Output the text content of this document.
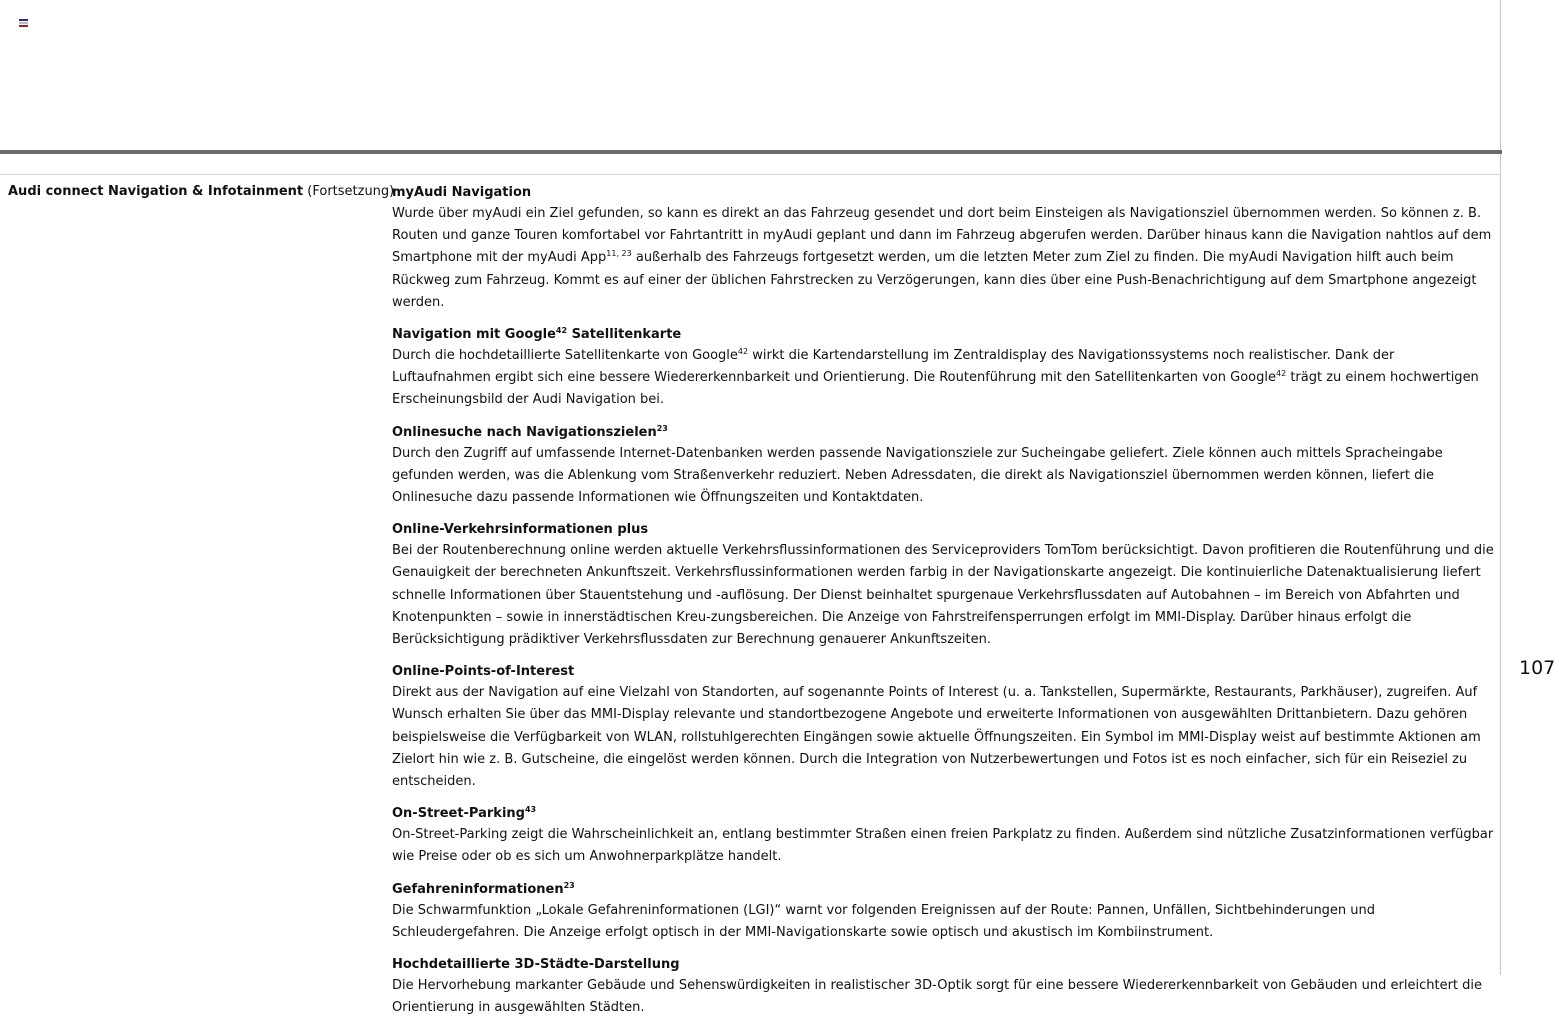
Audi connect Navigation & Infotainment (Fortsetzung)
myAudi Navigation
Wurde über myAudi ein Ziel gefunden, so kann es direkt an das Fahrzeug gesendet und dort beim Einsteigen als Navigationsziel übernommen werden. So können z. B. Routen und ganze Touren komfortabel vor Fahrtantritt in myAudi geplant und dann im Fahrzeug abgerufen werden. Darüber hinaus kann die Navigation nahtlos auf dem Smartphone mit der myAudi App$^{11, 23}$ außerhalb des Fahrzeugs fortgesetzt werden, um die letzten Meter zum Ziel zu finden. Die myAudi Navigation hilft auch beim Rückweg zum Fahrzeug. Kommt es auf einer der üblichen Fahrstrecken zu Verzögerungen, kann dies über eine Push-Benachrichtigung auf dem Smartphone angezeigt werden.
Navigation mit Google$^{42}$ Satellitenkarte
Durch die hochdetaillierte Satellitenkarte von Google$^{42}$ wirkt die Kartendarstellung im Zentraldisplay des Navigationssystems noch realistischer. Dank der Luftaufnahmen ergibt sich eine bessere Wiedererkennbarkeit und Orientierung. Die Routenführung mit den Satellitenkarten von Google$^{42}$ trägt zu einem hochwertigen Erscheinungsbild der Audi Navigation bei.
Onlinesuche nach Navigationszielen$^{23}$
Durch den Zugriff auf umfassende Internet-Datenbanken werden passende Navigationsziele zur Sucheingabe geliefert. Ziele können auch mittels Spracheingabe gefunden werden, was die Ablenkung vom Straßenverkehr reduziert. Neben Adressdaten, die direkt als Navigationsziel übernommen werden können, liefert die Onlinesuche dazu passende Informationen wie Öffnungszeiten und Kontaktdaten.
Online-Verkehrsinformationen plus
Bei der Routenberechnung online werden aktuelle Verkehrsflussinformationen des Serviceproviders TomTom berücksichtigt. Davon profitieren die Routenführung und die Genauigkeit der berechneten Ankunftszeit. Verkehrsflussinformationen werden farbig in der Navigationskarte angezeigt. Die kontinuierliche Datenaktualisierung liefert schnelle Informationen über Stauentstehung und -auflösung. Der Dienst beinhaltet spurgenaue Verkehrsflussdaten auf Autobahnen – im Bereich von Abfahrten und Knotenpunkten – sowie in innerstädtischen Kreu-zungsbereichen. Die Anzeige von Fahrstreifensperrungen erfolgt im MMI-Display. Darüber hinaus erfolgt die Berücksichtigung prädiktiver Verkehrsflussdaten zur Berechnung genauerer Ankunftszeiten.
Online-Points-of-Interest
Direkt aus der Navigation auf eine Vielzahl von Standorten, auf sogenannte Points of Interest (u. a. Tankstellen, Supermärkte, Restaurants, Parkhäuser), zugreifen. Auf Wunsch erhalten Sie über das MMI-Display relevante und standortbezogene Angebote und erweiterte Informationen von ausgewählten Drittanbietern. Dazu gehören beispielsweise die Verfügbarkeit von WLAN, rollstuhlgerechten Eingängen sowie aktuelle Öffnungszeiten. Ein Symbol im MMI-Display weist auf bestimmte Aktionen am Zielort hin wie z. B. Gutscheine, die eingelöst werden können. Durch die Integration von Nutzerbewertungen und Fotos ist es noch einfacher, sich für ein Reiseziel zu entscheiden.
On-Street-Parking$^{43}$
On-Street-Parking zeigt die Wahrscheinlichkeit an, entlang bestimmter Straßen einen freien Parkplatz zu finden. Außerdem sind nützliche Zusatzinformationen verfügbar wie Preise oder ob es sich um Anwohnerparkplätze handelt.
Gefahreninformationen$^{23}$
Die Schwarmfunktion „Lokale Gefahreninformationen (LGI)“ warnt vor folgenden Ereignissen auf der Route: Pannen, Unfällen, Sichtbehinderungen und Schleudergefahren. Die Anzeige erfolgt optisch in der MMI-Navigationskarte sowie optisch und akustisch im Kombiinstrument.
Hochdetaillierte 3D-Städte-Darstellung
Die Hervorhebung markanter Gebäude und Sehenswürdigkeiten in realistischer 3D-Optik sorgt für eine bessere Wiedererkennbarkeit von Gebäuden und erleichtert die Orientierung in ausgewählten Städten.
107
